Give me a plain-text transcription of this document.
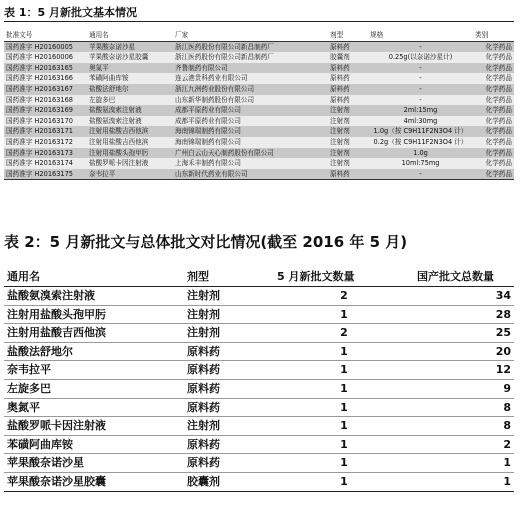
表 1：5 月新批文基本情况
批准文号	通用名	厂家	剂型	规格	类别
国药准字 H20160005	苹果酸奈诺沙星	浙江医药股份有限公司新昌制药厂	原料药	-	化学药品
国药准字 H20160006	苹果酸奈诺沙星胶囊	浙江医药股份有限公司新昌制药厂	胶囊剂	0.25g(以奈诺沙星计)	化学药品
国药准字 H20163165	奥氮平	齐鲁制药有限公司	原料药	-	化学药品
国药准字 H20163166	苯磺阿曲库铵	连云港贵科药业有限公司	原料药	-	化学药品
国药准字 H20163167	盐酸法舒地尔	浙江九洲药业股份有限公司	原料药	-	化学药品
国药准字 H20163168	左旋多巴	山东新华制药股份有限公司	原料药	-	化学药品
国药准字 H20163169	盐酸氨溴索注射液	成都平原药业有限公司	注射剂	2ml:15mg	化学药品
国药准字 H20163170	盐酸氨溴索注射液	成都平原药业有限公司	注射剂	4ml:30mg	化学药品
国药准字 H20163171	注射用盐酸吉西他滨	海南锦瑞制药有限公司	注射剂	1.0g（按 C9H11F2N3O4 计）	化学药品
国药准字 H20163172	注射用盐酸吉西他滨	海南锦瑞制药有限公司	注射剂	0.2g（按 C9H11F2N3O4 计）	化学药品
国药准字 H20163173	注射用盐酸头孢甲肟	广州白云山天心制药股份有限公司	注射剂	1.0g	化学药品
国药准字 H20163174	盐酸罗哌卡因注射液	上海禾丰制药有限公司	注射剂	10ml:75mg	化学药品
国药准字 H20163175	奈韦拉平	山东新时代药业有限公司	原料药	-	化学药品
表 2：5 月新批文与总体批文对比情况(截至 2016 年 5 月)
通用名	剂型	5 月新批文数量	国产批文总数量
盐酸氨溴索注射液	注射剂	2	34
注射用盐酸头孢甲肟	注射剂	1	28
注射用盐酸吉西他滨	注射剂	2	25
盐酸法舒地尔	原料药	1	20
奈韦拉平	原料药	1	12
左旋多巴	原料药	1	9
奥氮平	原料药	1	8
盐酸罗哌卡因注射液	注射剂	1	8
苯磺阿曲库铵	原料药	1	2
苹果酸奈诺沙星	原料药	1	1
苹果酸奈诺沙星胶囊	胶囊剂	1	1
